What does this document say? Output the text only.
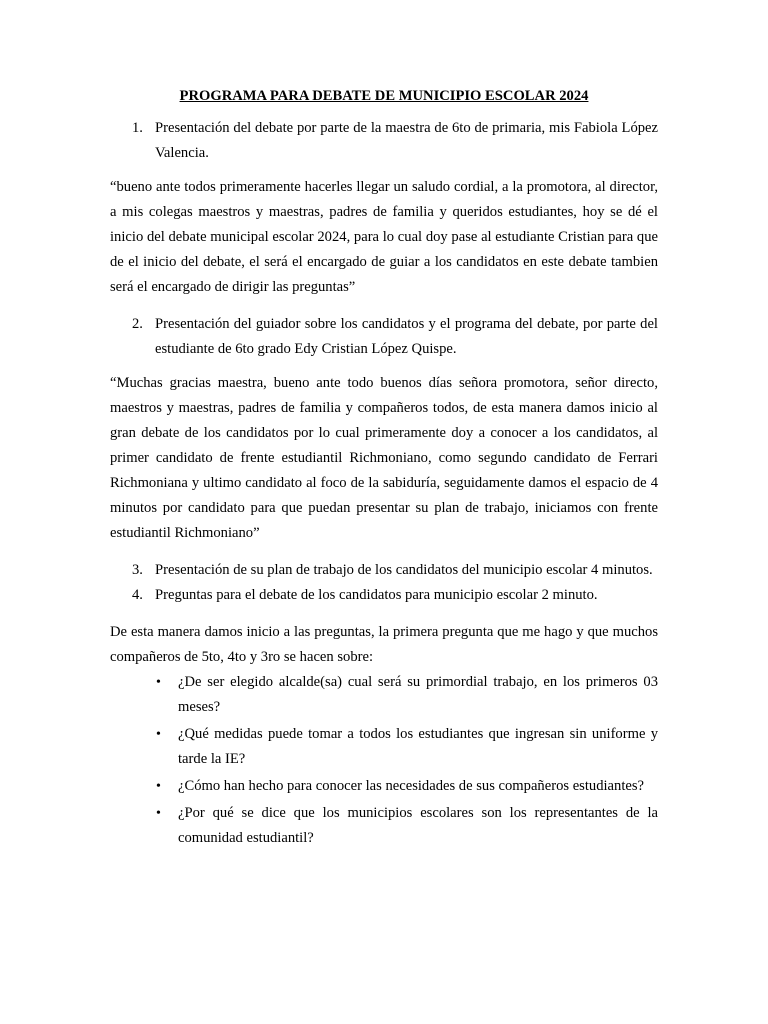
PROGRAMA PARA DEBATE DE MUNICIPIO ESCOLAR 2024
1. Presentación del debate por parte de la maestra de 6to de primaria, mis Fabiola López Valencia.

“bueno ante todos primeramente hacerles llegar un saludo cordial, a la promotora, al director, a mis colegas maestros y maestras, padres de familia y queridos estudiantes, hoy se dé el inicio del debate municipal escolar 2024, para lo cual doy pase al estudiante Cristian para que de el inicio del debate, el será el encargado de guiar a los candidatos en este debate tambien será el encargado de dirigir las preguntas”

2. Presentación del guiador sobre los candidatos y el programa del debate, por parte del estudiante de 6to grado Edy Cristian López Quispe.

“Muchas gracias maestra, bueno ante todo buenos días señora promotora, señor directo, maestros y maestras, padres de familia y compañeros todos, de esta manera damos inicio al gran debate de los candidatos por lo cual primeramente doy a conocer a los candidatos, al primer candidato de frente estudiantil Richmoniano, como segundo candidato de Ferrari Richmoniana y ultimo candidato al foco de la sabiduría, seguidamente damos el espacio de 4 minutos por candidato para que puedan presentar su plan de trabajo, iniciamos con frente estudiantil Richmoniano”

3. Presentación de su plan de trabajo de los candidatos del municipio escolar 4 minutos.
4. Preguntas para el debate de los candidatos para municipio escolar 2 minuto.

De esta manera damos inicio a las preguntas, la primera pregunta que me hago y que muchos compañeros de 5to, 4to y 3ro se hacen sobre:

• ¿De ser elegido alcalde(sa) cual será su primordial trabajo, en los primeros 03 meses?
• ¿Qué medidas puede tomar a todos los estudiantes que ingresan sin uniforme y tarde la IE?
• ¿Cómo han hecho para conocer las necesidades de sus compañeros estudiantes?
• ¿Por qué se dice que los municipios escolares son los representantes de la comunidad estudiantil?
